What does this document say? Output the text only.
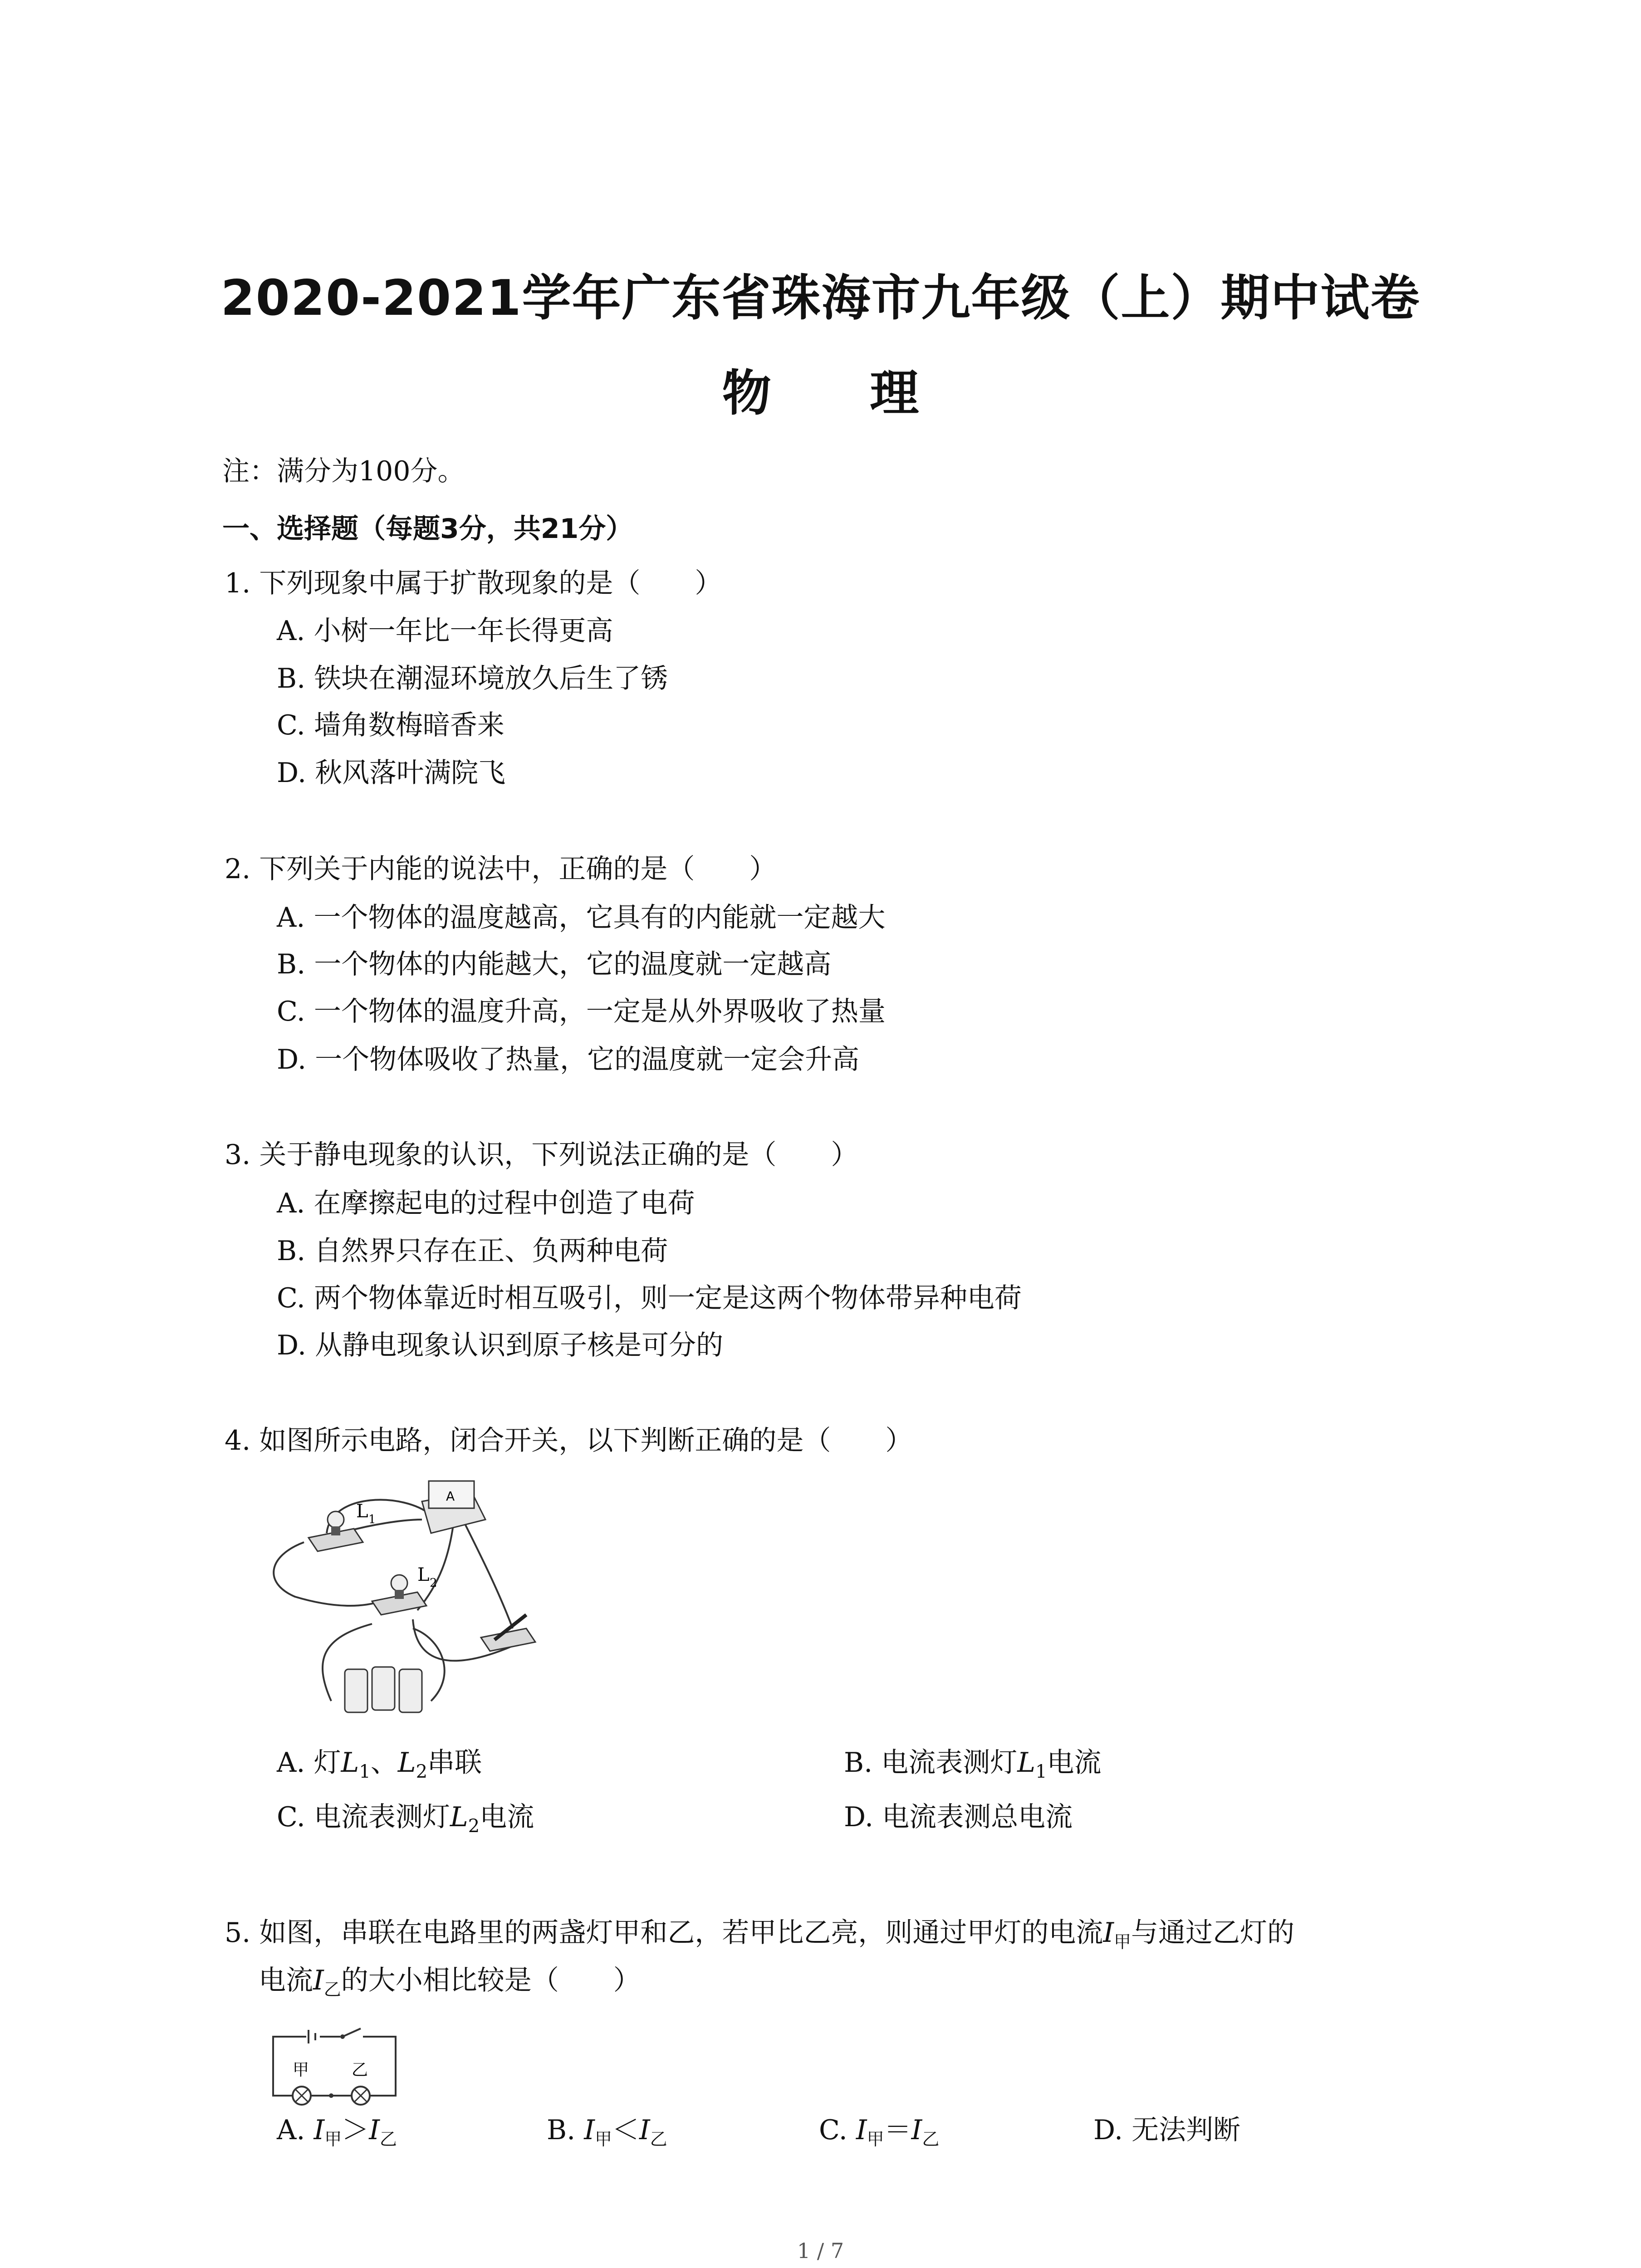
2020-2021学年广东省珠海市九年级（上）期中试卷
物 理
注：满分为100分。
一、选择题（每题3分，共21分）
1. 下列现象中属于扩散现象的是（　　）
A. 小树一年比一年长得更高
B. 铁块在潮湿环境放久后生了锈
C. 墙角数梅暗香来
D. 秋风落叶满院飞
2. 下列关于内能的说法中，正确的是（　　）
A. 一个物体的温度越高，它具有的内能就一定越大
B. 一个物体的内能越大，它的温度就一定越高
C. 一个物体的温度升高，一定是从外界吸收了热量
D. 一个物体吸收了热量，它的温度就一定会升高
3. 关于静电现象的认识，下列说法正确的是（　　）
A. 在摩擦起电的过程中创造了电荷
B. 自然界只存在正、负两种电荷
C. 两个物体靠近时相互吸引，则一定是这两个物体带异种电荷
D. 从静电现象认识到原子核是可分的
4. 如图所示电路，闭合开关，以下判断正确的是（　　）
L 1
A
L 2
A. 灯$L_1$、$L_2$串联	B. 电流表测灯$L_1$电流
C. 电流表测灯$L_2$电流	D. 电流表测总电流
5. 如图，串联在电路里的两盏灯甲和乙，若甲比乙亮，则通过甲灯的电流$I_甲$与通过乙灯的
电流$I_乙$的大小相比较是（　　）
甲	乙
A. $I_甲>I_乙$	B. $I_甲<I_乙$	C. $I_甲=I_乙$	D. 无法判断
1 / 7
